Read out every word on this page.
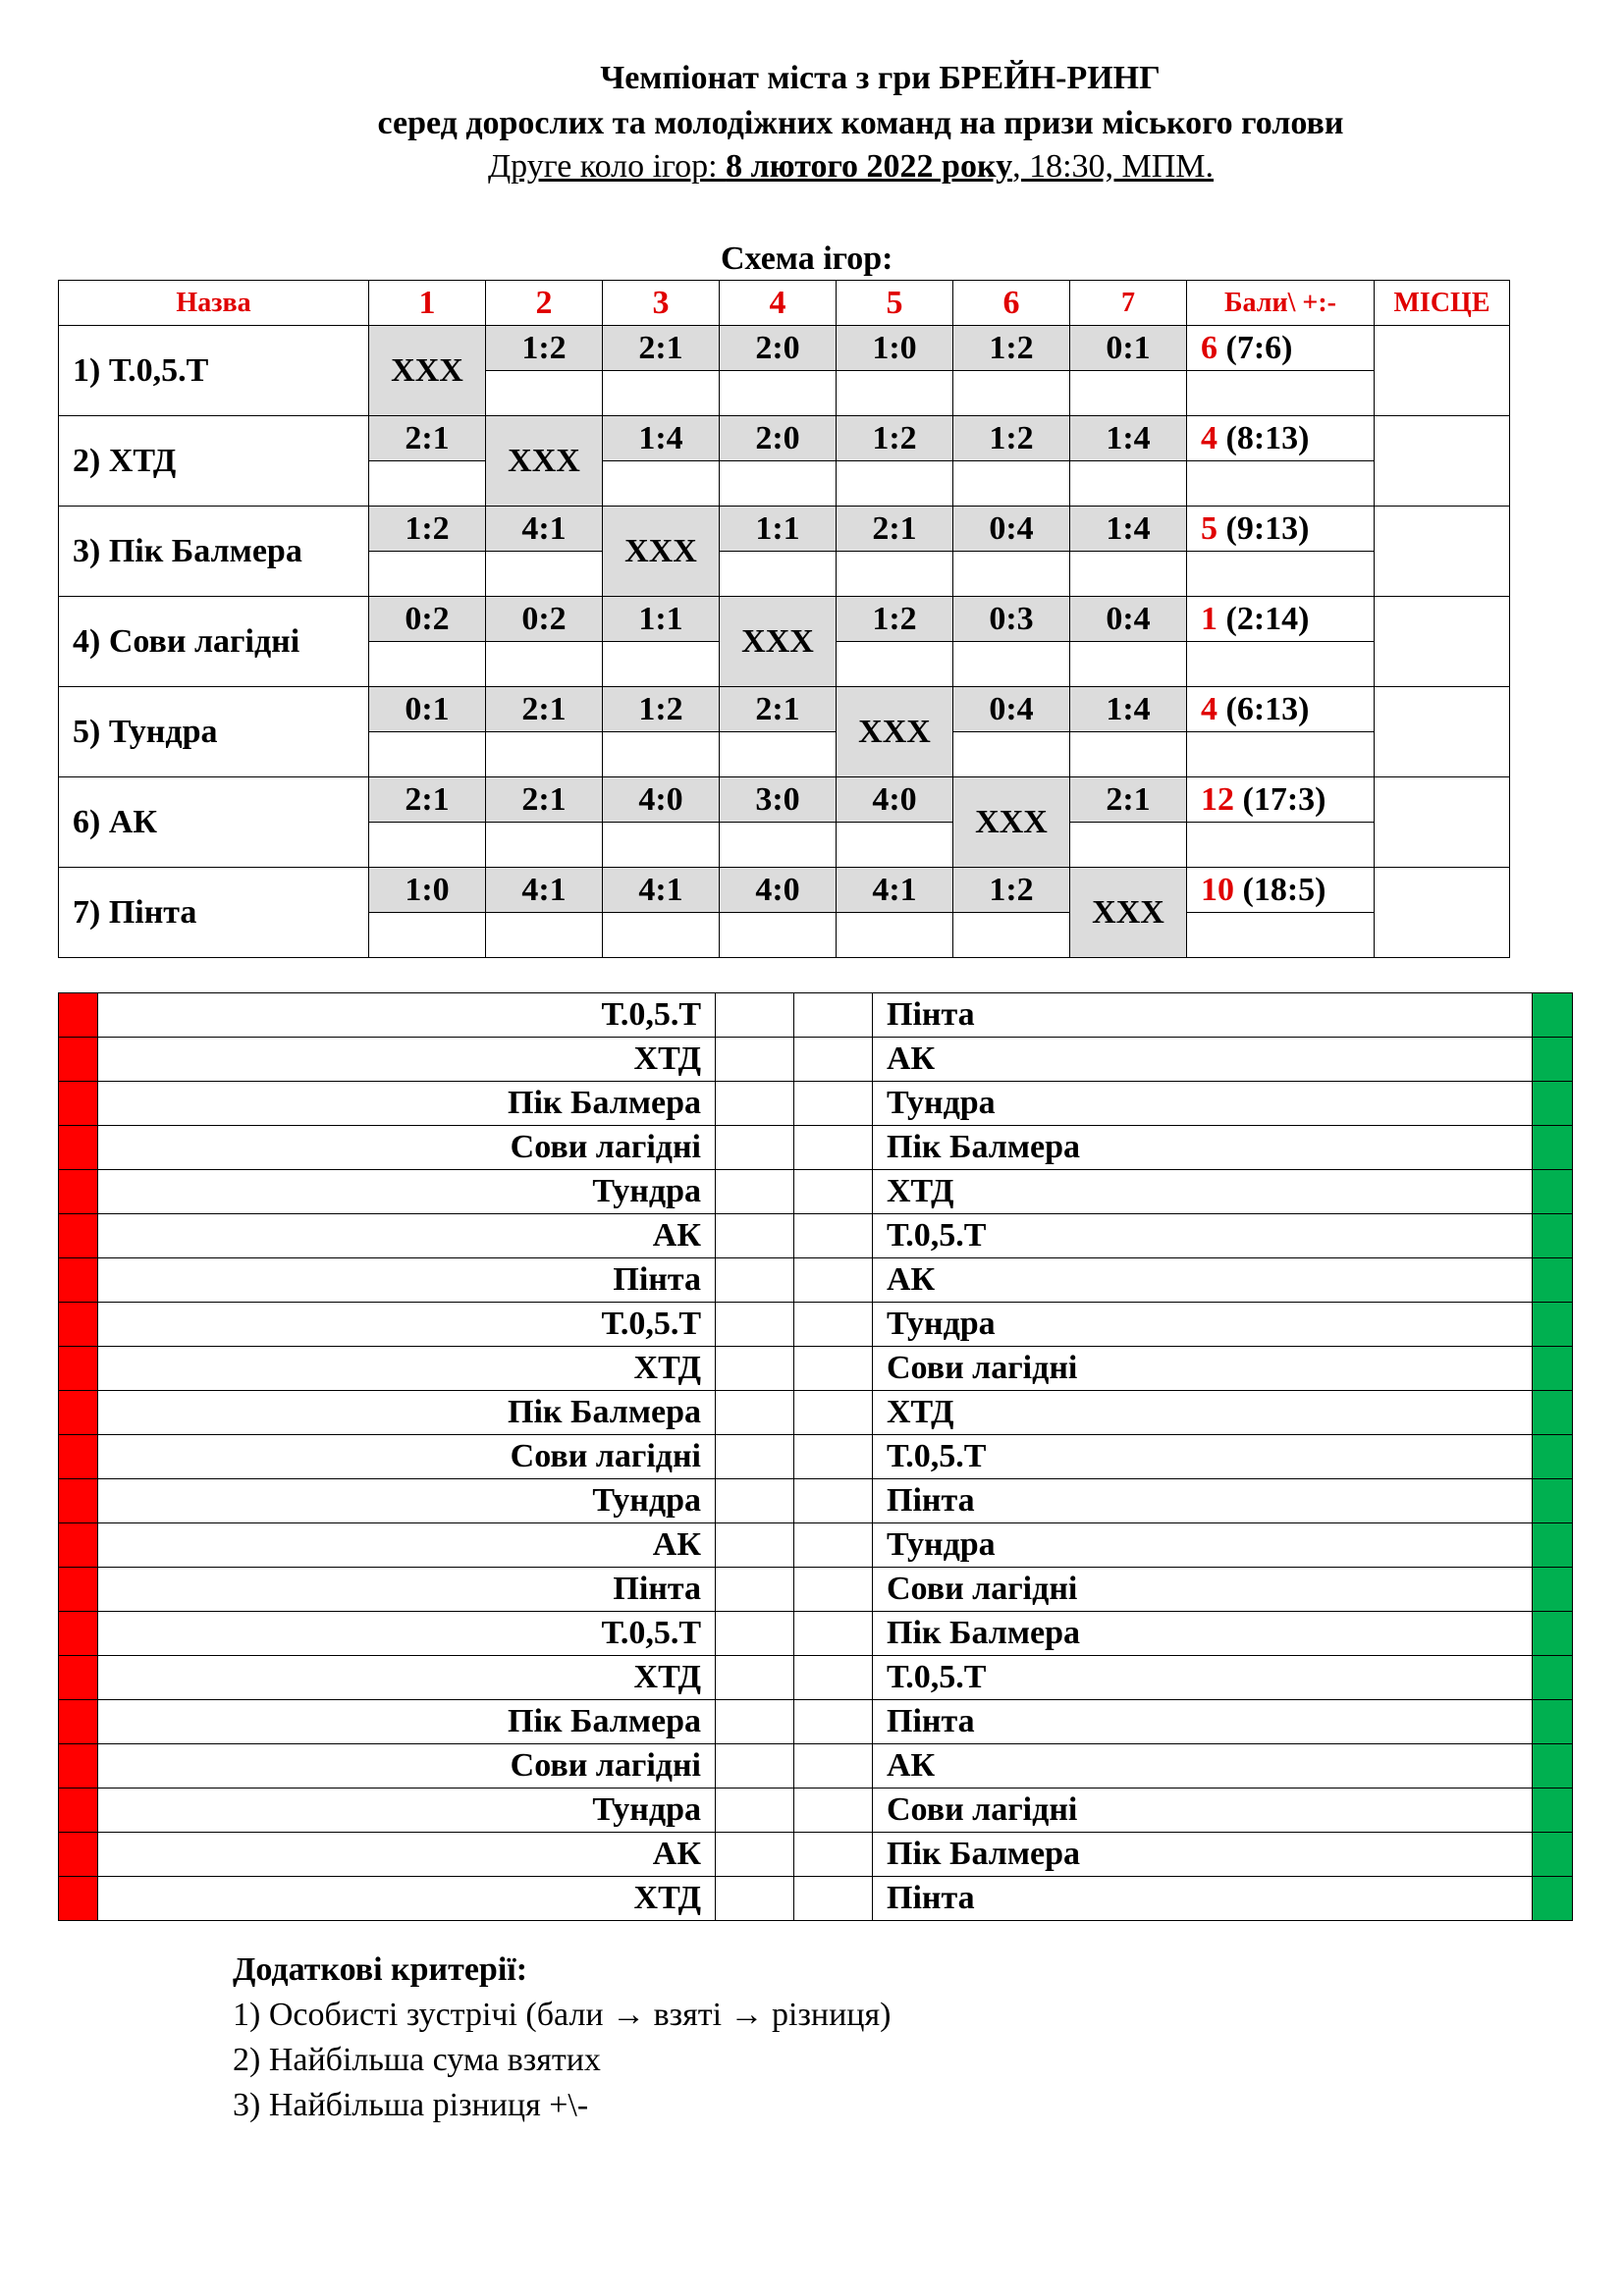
Чемпіонат міста з гри БРЕЙН-РИНГ
серед дорослих та молодіжних команд на призи міського голови
Друге коло ігор: 8 лютого 2022 року, 18:30, МПМ.
Схема ігор:
Назва	1	2	3	4	5	6	7	Бали\ +:-	МІСЦЕ
1) Т.0,5.Т	ХХХ	1:2	2:1	2:0	1:0	1:2	0:1	6 (7:6)	

2) ХТД	2:1	ХХХ	1:4	2:0	1:2	1:2	1:4	4 (8:13)	

3) Пік Балмера	1:2	4:1	ХХХ	1:1	2:1	0:4	1:4	5 (9:13)	

4) Сови лагідні	0:2	0:2	1:1	ХХХ	1:2	0:3	0:4	1 (2:14)	

5) Тундра	0:1	2:1	1:2	2:1	ХХХ	0:4	1:4	4 (6:13)	

6) АК	2:1	2:1	4:0	3:0	4:0	ХХХ	2:1	12 (17:3)	

7) Пінта	1:0	4:1	4:1	4:0	4:1	1:2	ХХХ	10 (18:5)	

	Т.0,5.Т			Пінта	
	ХТД			АК	
	Пік Балмера			Тундра	
	Сови лагідні			Пік Балмера	
	Тундра			ХТД	
	АК			Т.0,5.Т	
	Пінта			АК	
	Т.0,5.Т			Тундра	
	ХТД			Сови лагідні	
	Пік Балмера			ХТД	
	Сови лагідні			Т.0,5.Т	
	Тундра			Пінта	
	АК			Тундра	
	Пінта			Сови лагідні	
	Т.0,5.Т			Пік Балмера	
	ХТД			Т.0,5.Т	
	Пік Балмера			Пінта	
	Сови лагідні			АК	
	Тундра			Сови лагідні	
	АК			Пік Балмера	
	ХТД			Пінта	
Додаткові критерії:
1) Особисті зустрічі (бали → взяті → різниця)
2) Найбільша сума взятих
3) Найбільша різниця +\-
